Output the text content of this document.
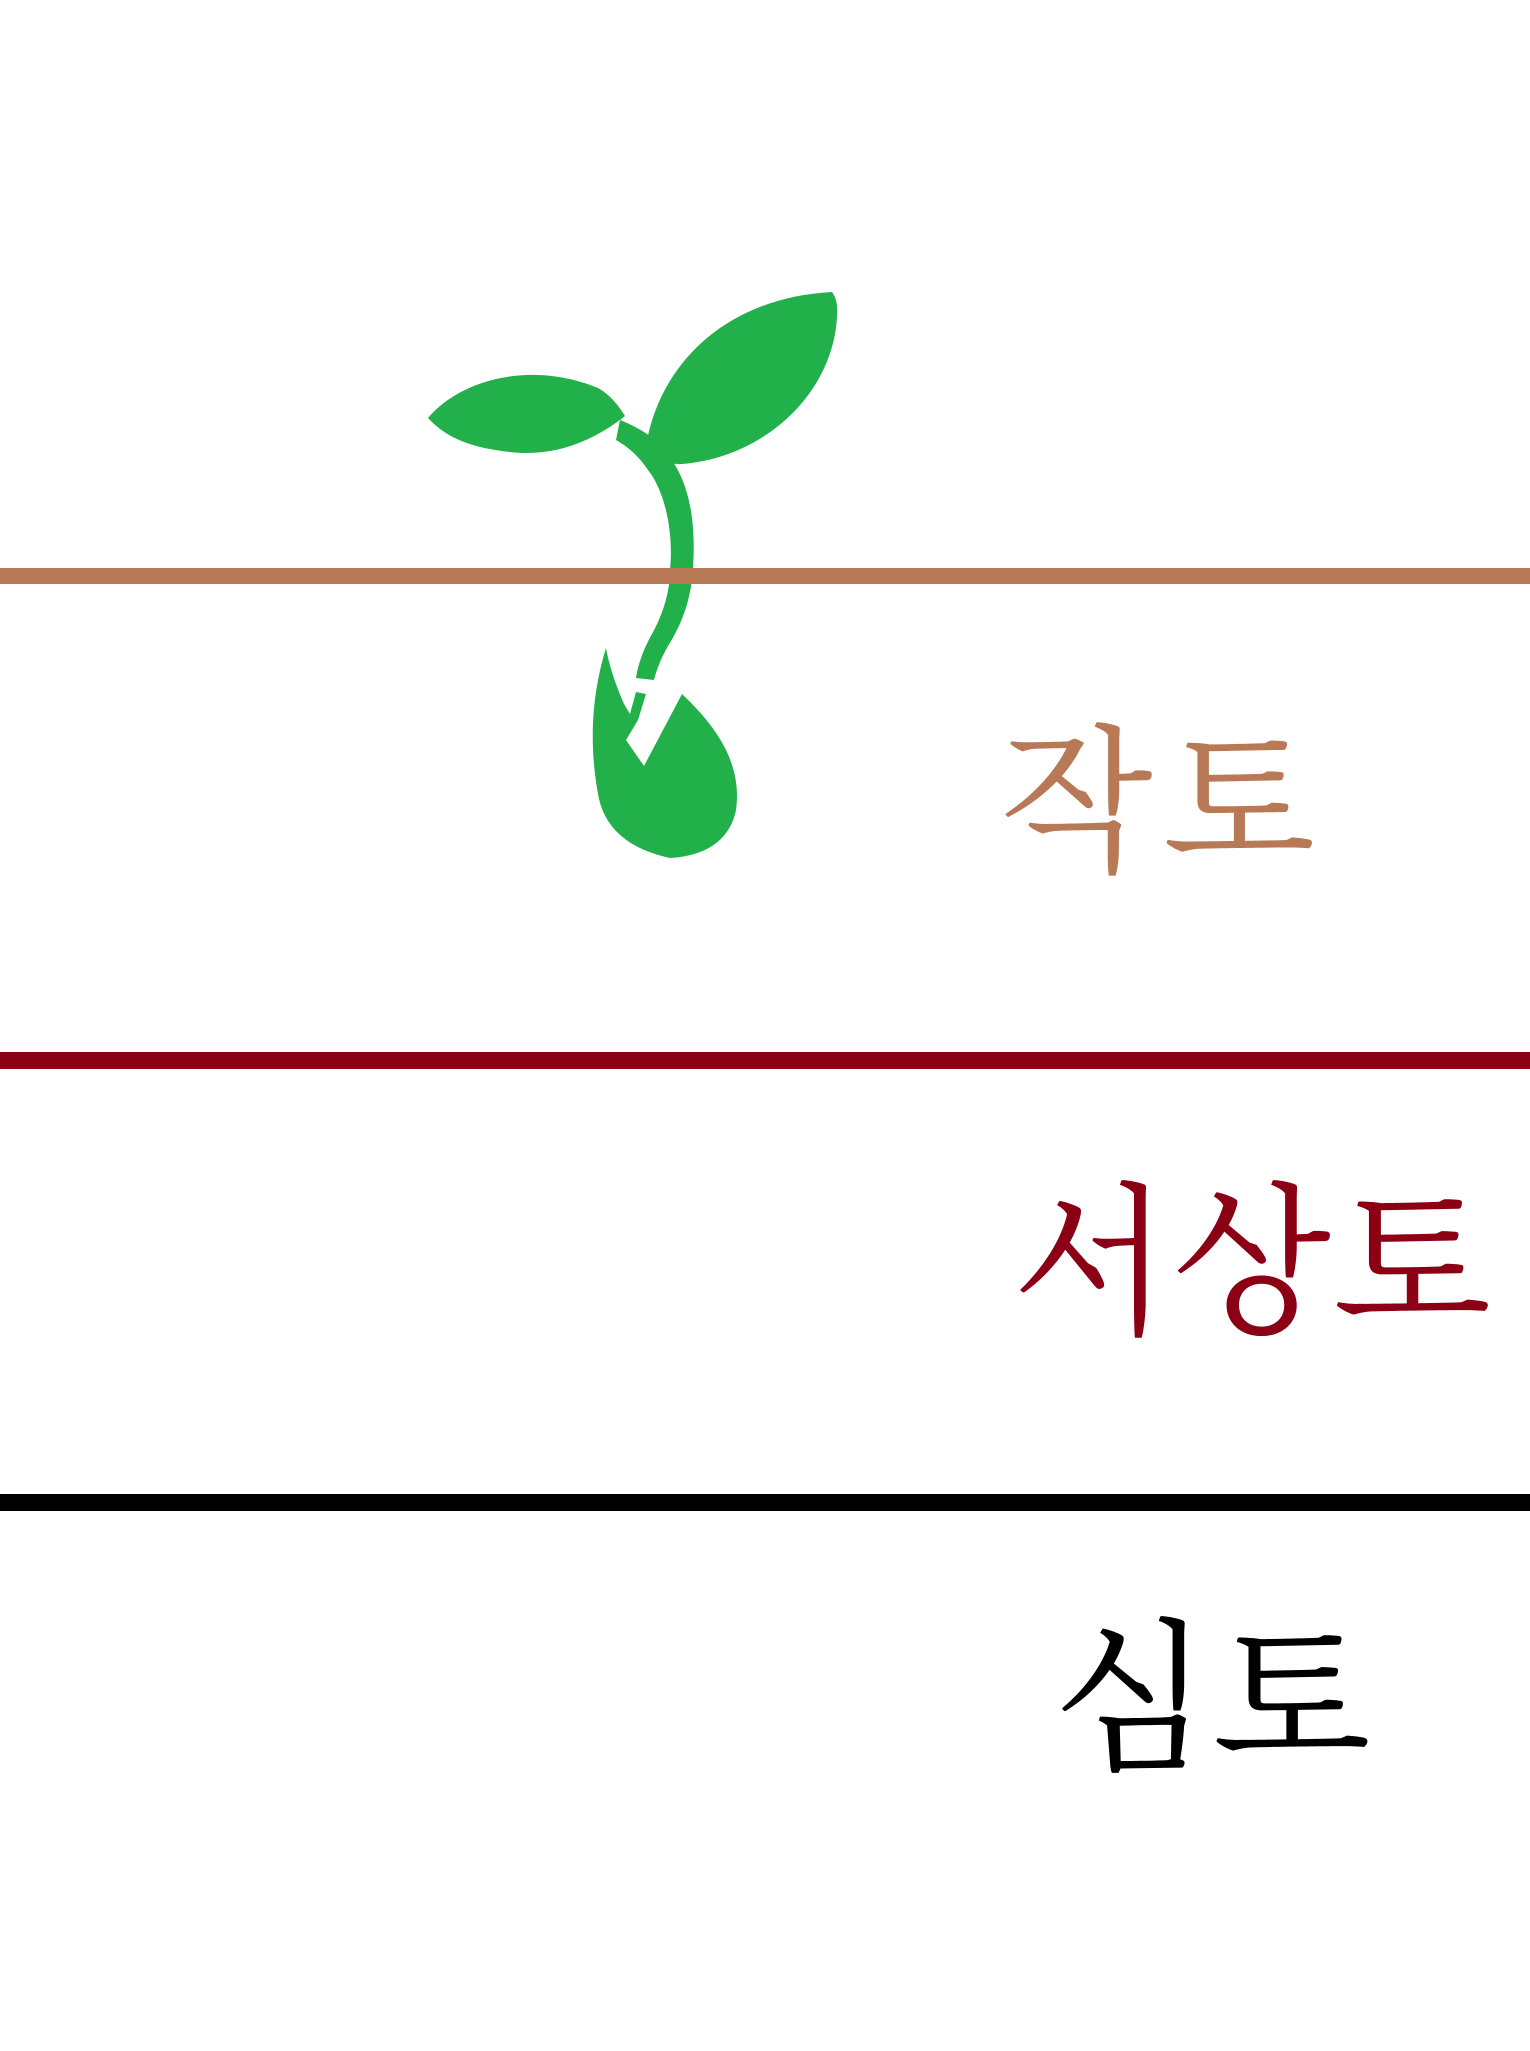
작토
서상토
심토
